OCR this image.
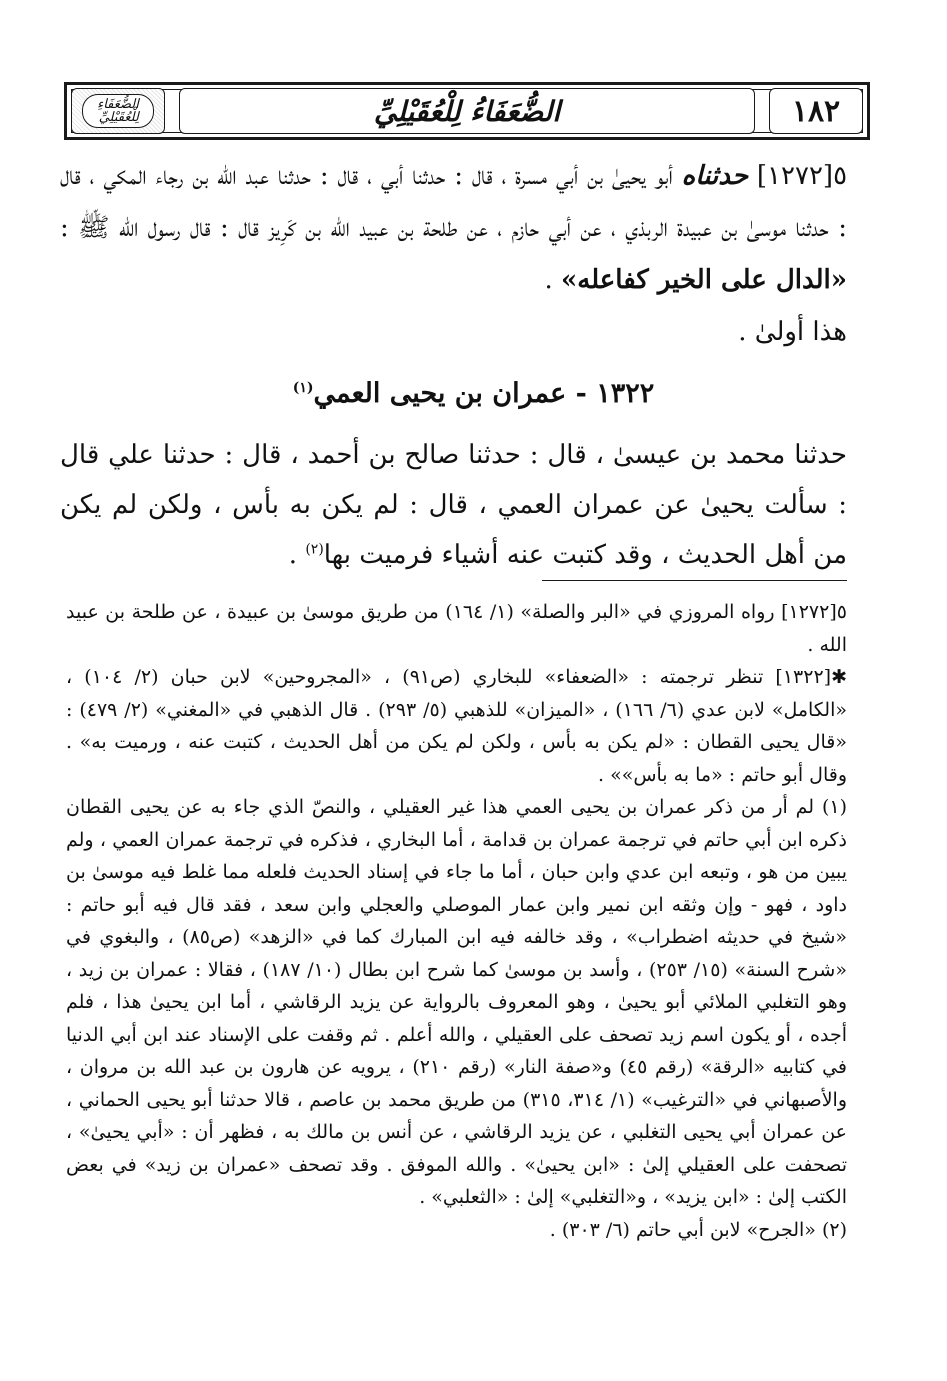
١٨٢
الضُّعَفَاءُ لِلْعُقَيْلِيِّ
الضُّعَفَاءِ
لِلْعُقَيْلِيِّ

٥[١٢٧٢] حدثناه أبو يحيىٰ بن أبي مسرة ، قال : حدثنا أبي ، قال : حدثنا عبد الله بن رجاء المكي ، قال : حدثنا موسىٰ بن عبيدة الربذي ، عن أبي حازم ، عن طلحة بن عبيد الله بن كَرِيز قال : قال رسول الله ﷺ : «الدال على الخير كفاعله» .

هذا أولىٰ .

١٣٢٢ - عمران بن يحيى العمي$^{(١)}$

حدثنا محمد بن عيسىٰ ، قال : حدثنا صالح بن أحمد ، قال : حدثنا علي قال : سألت يحيىٰ عن عمران العمي ، قال : لم يكن به بأس ، ولكن لم يكن من أهل الحديث ، وقد كتبت عنه أشياء فرميت بها$^{(٢)}$ .

٥[١٢٧٢] رواه المروزي في «البر والصلة» (١/ ١٦٤) من طريق موسىٰ بن عبيدة ، عن طلحة بن عبيد الله .

✱[١٣٢٢] تنظر ترجمته : «الضعفاء» للبخاري (ص٩١) ، «المجروحين» لابن حبان (٢/ ١٠٤) ، «الكامل» لابن عدي (٦/ ١٦٦) ، «الميزان» للذهبي (٥/ ٢٩٣) . قال الذهبي في «المغني» (٢/ ٤٧٩) : «قال يحيى القطان : «لم يكن به بأس ، ولكن لم يكن من أهل الحديث ، كتبت عنه ، ورميت به» . وقال أبو حاتم : «ما به بأس»» .

(١) لم أر من ذكر عمران بن يحيى العمي هذا غير العقيلي ، والنصّ الذي جاء به عن يحيى القطان ذكره ابن أبي حاتم في ترجمة عمران بن قدامة ، أما البخاري ، فذكره في ترجمة عمران العمي ، ولم يبين من هو ، وتبعه ابن عدي وابن حبان ، أما ما جاء في إسناد الحديث فلعله مما غلط فيه موسىٰ بن داود ، فهو - وإن وثقه ابن نمير وابن عمار الموصلي والعجلي وابن سعد ، فقد قال فيه أبو حاتم : «شيخ في حديثه اضطراب» ، وقد خالفه فيه ابن المبارك كما في «الزهد» (ص٨٥) ، والبغوي في «شرح السنة» (١٥/ ٢٥٣) ، وأسد بن موسىٰ كما شرح ابن بطال (١٠/ ١٨٧) ، فقالا : عمران بن زيد ، وهو التغلبي الملائي أبو يحيىٰ ، وهو المعروف بالرواية عن يزيد الرقاشي ، أما ابن يحيىٰ هذا ، فلم أجده ، أو يكون اسم زيد تصحف على العقيلي ، والله أعلم . ثم وقفت على الإسناد عند ابن أبي الدنيا في كتابيه «الرقة» (رقم ٤٥) و«صفة النار» (رقم ٢١٠) ، يرويه عن هارون بن عبد الله بن مروان ، والأصبهاني في «الترغيب» (١/ ٣١٤، ٣١٥) من طريق محمد بن عاصم ، قالا حدثنا أبو يحيى الحماني ، عن عمران أبي يحيى التغلبي ، عن يزيد الرقاشي ، عن أنس بن مالك به ، فظهر أن : «أبي يحيىٰ» ، تصحفت على العقيلي إلىٰ : «ابن يحيىٰ» . والله الموفق . وقد تصحف «عمران بن زيد» في بعض الكتب إلىٰ : «ابن يزيد» ، و«التغلبي» إلىٰ : «الثعلبي» .

(٢) «الجرح» لابن أبي حاتم (٦/ ٣٠٣) .
